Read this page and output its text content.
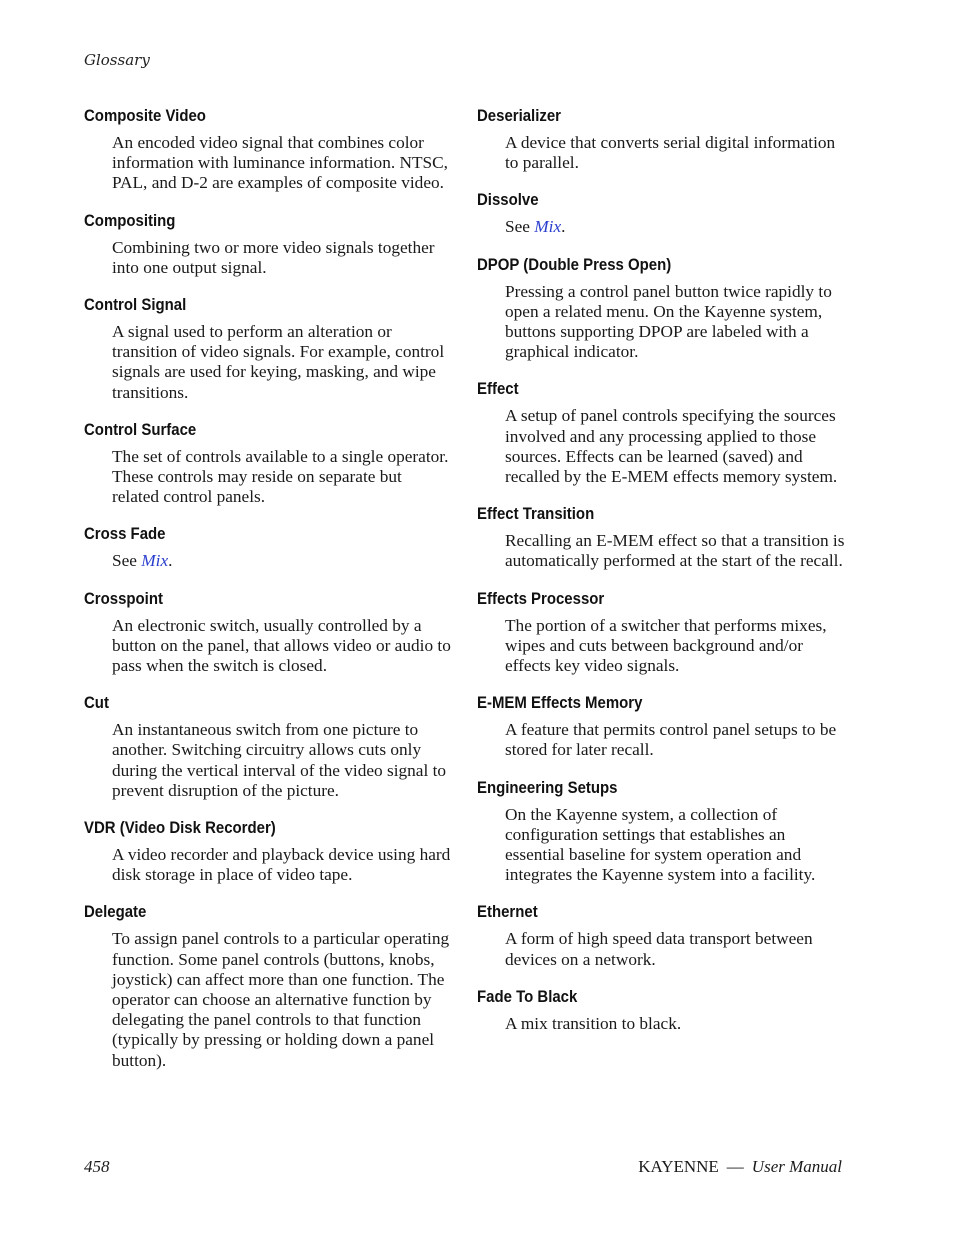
Glossary
Composite Video

An encoded video signal that combines color information with luminance information. NTSC, PAL, and D-2 are examples of composite video.

Compositing

Combining two or more video signals together into one output signal.

Control Signal

A signal used to perform an alteration or transition of video signals. For example, control signals are used for keying, masking, and wipe transitions.

Control Surface

The set of controls available to a single operator. These controls may reside on separate but related control panels.

Cross Fade

See Mix.

Crosspoint

An electronic switch, usually controlled by a button on the panel, that allows video or audio to pass when the switch is closed.

Cut

An instantaneous switch from one picture to another. Switching circuitry allows cuts only during the vertical interval of the video signal to prevent disruption of the picture.

VDR (Video Disk Recorder)

A video recorder and playback device using hard disk storage in place of video tape.

Delegate

To assign panel controls to a particular operating function. Some panel controls (buttons, knobs, joystick) can affect more than one function. The operator can choose an alternative function by delegating the panel controls to that function (typically by pressing or holding down a panel button).

Deserializer

A device that converts serial digital information to parallel.

Dissolve

See Mix.

DPOP (Double Press Open)

Pressing a control panel button twice rapidly to open a related menu. On the Kayenne system, buttons supporting DPOP are labeled with a graphical indicator.

Effect

A setup of panel controls specifying the sources involved and any processing applied to those sources. Effects can be learned (saved) and recalled by the E-MEM effects memory system.

Effect Transition

Recalling an E-MEM effect so that a transition is automatically performed at the start of the recall.

Effects Processor

The portion of a switcher that performs mixes, wipes and cuts between background and/or effects key video signals.

E-MEM Effects Memory

A feature that permits control panel setups to be stored for later recall.

Engineering Setups

On the Kayenne system, a collection of configuration settings that establishes an essential baseline for system operation and integrates the Kayenne system into a facility.

Ethernet

A form of high speed data transport between devices on a network.

Fade To Black

A mix transition to black.

458	KAYENNE — User Manual
